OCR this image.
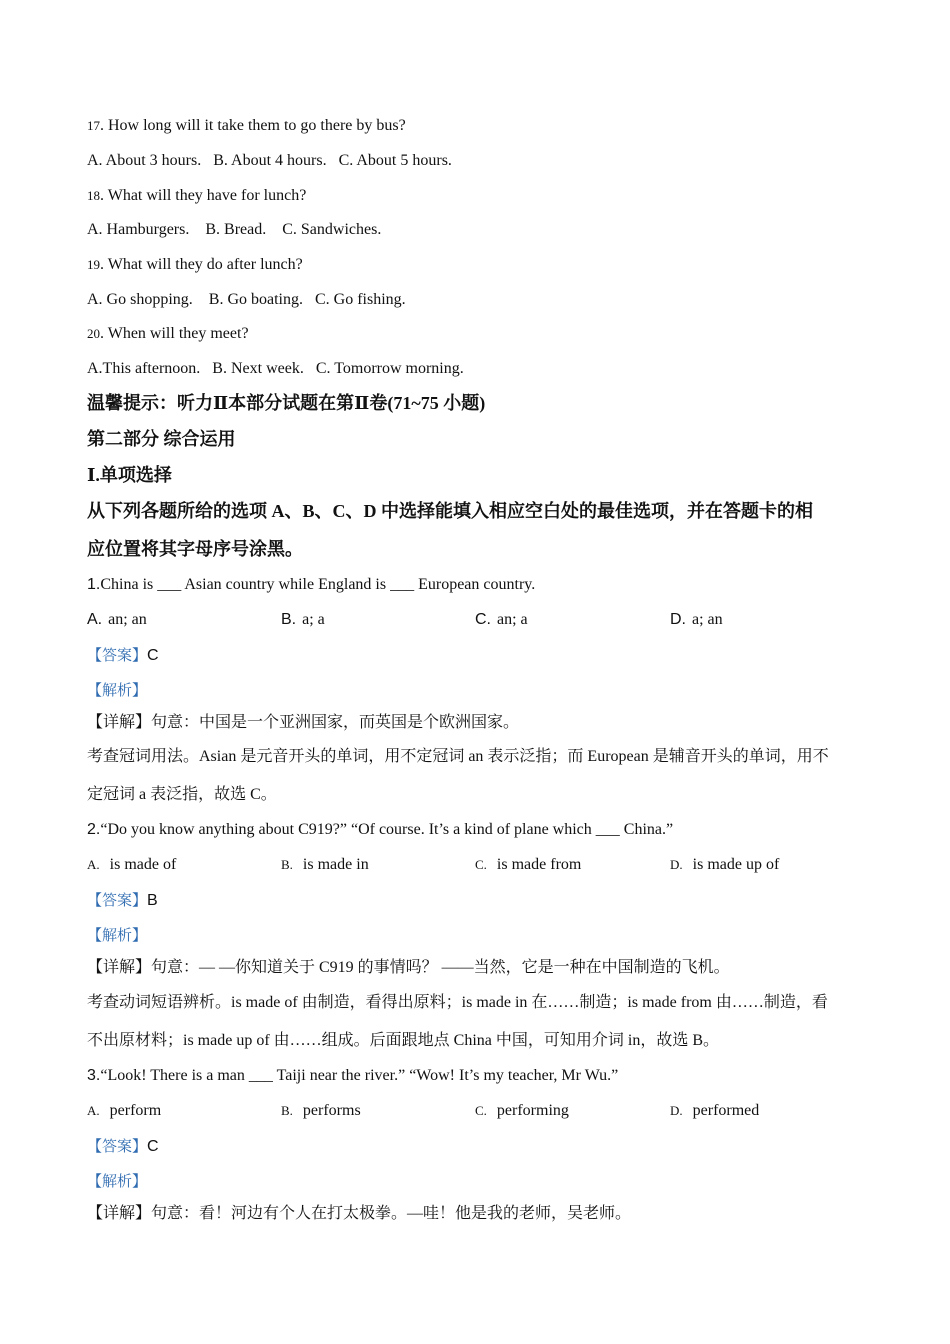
17. How long will it take them to go there by bus?
A. About 3 hours.   B. About 4 hours.   C. About 5 hours.
18. What will they have for lunch?
A. Hamburgers.    B. Bread.    C. Sandwiches.
19. What will they do after lunch?
A. Go shopping.    B. Go boating.   C. Go fishing.
20. When will they meet?
A.This afternoon.   B. Next week.   C. Tomorrow morning.
温馨提示：听力Ⅱ本部分试题在第Ⅱ卷(71~75 小题)
第二部分 综合运用
Ⅰ.单项选择
从下列各题所给的选项 A、B、C、D 中选择能填入相应空白处的最佳选项，并在答题卡的相
应位置将其字母序号涂黑。
1.China is ___ Asian country while England is ___ European country.
A. an; an	B. a; a	C. an; a	D. a; an
【答案】C
【解析】
【详解】句意：中国是一个亚洲国家，而英国是个欧洲国家。
考查冠词用法。Asian 是元音开头的单词，用不定冠词 an 表示泛指；而 European 是辅音开头的单词，用不
定冠词 a 表泛指，故选 C。
2.“Do you know anything about C919?” “Of course. It’s a kind of plane which ___ China.”
A. is made of	B. is made in	C. is made from	D. is made up of
【答案】B
【解析】
【详解】句意：— —你知道关于 C919 的事情吗？ ——当然，它是一种在中国制造的飞机。
考查动词短语辨析。is made of 由制造，看得出原料；is made in 在……制造；is made from 由……制造，看
不出原材料；is made up of 由……组成。后面跟地点 China 中国，可知用介词 in，故选 B。
3.“Look! There is a man ___ Taiji near the river.” “Wow! It’s my teacher, Mr Wu.”
A. perform	B. performs	C. performing	D. performed
【答案】C
【解析】
【详解】句意：看！河边有个人在打太极拳。—哇！他是我的老师，吴老师。
